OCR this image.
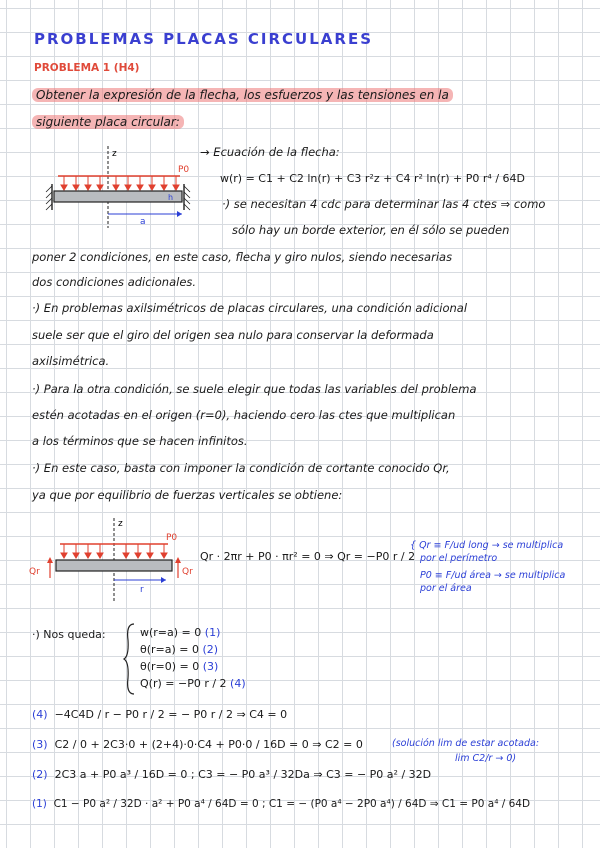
PROBLEMAS PLACAS CIRCULARES
PROBLEMA 1 (H4)
Obtener la expresión de la flecha, los esfuerzos y las tensiones en la
siguiente placa circular:
z
P0
h
a
→ Ecuación de la flecha:
w(r) = C1 + C2 ln(r) + C3 r²z + C4 r² ln(r) + P0 r⁴ / 64D
·) se necesitan 4 cdc para determinar las 4 ctes ⇒ como
sólo hay un borde exterior, en él sólo se pueden
poner 2 condiciones, en este caso, flecha y giro nulos, siendo necesarias
dos condiciones adicionales.
·) En problemas axilsimétricos de placas circulares, una condición adicional
suele ser que el giro del origen sea nulo para conservar la deformada
axilsimétrica.
·) Para la otra condición, se suele elegir que todas las variables del problema
estén acotadas en el origen (r=0), haciendo cero las ctes que multiplican
a los términos que se hacen infinitos.
·) En este caso, basta con imponer la condición de cortante conocido Qr,
ya que por equilibrio de fuerzas verticales se obtiene:
z
P0
Qr	Qr
r
Qr · 2πr + P0 · πr² = 0 ⇒ Qr = −P0 r / 2
{ Qr ≡ F/ud long → se multiplica
por el perímetro
P0 ≡ F/ud área → se multiplica
por el área
·) Nos queda:	w(r=a) = 0 (1)
θ(r=a) = 0 (2)
θ(r=0) = 0 (3)
Q(r) = −P0 r / 2 (4)
(4) −4C4D / r − P0 r / 2 = − P0 r / 2 ⇒ C4 = 0
(3) C2 / 0 + 2C3·0 + (2+4)·0·C4 + P0·0 / 16D = 0 ⇒ C2 = 0	(solución lim de estar acotada:
lim C2/r → 0)
(2) 2C3 a + P0 a³ / 16D = 0 ; C3 = − P0 a³ / 32Da ⇒ C3 = − P0 a² / 32D
(1) C1 − P0 a² / 32D · a² + P0 a⁴ / 64D = 0 ; C1 = − (P0 a⁴ − 2P0 a⁴) / 64D ⇒ C1 = P0 a⁴ / 64D
